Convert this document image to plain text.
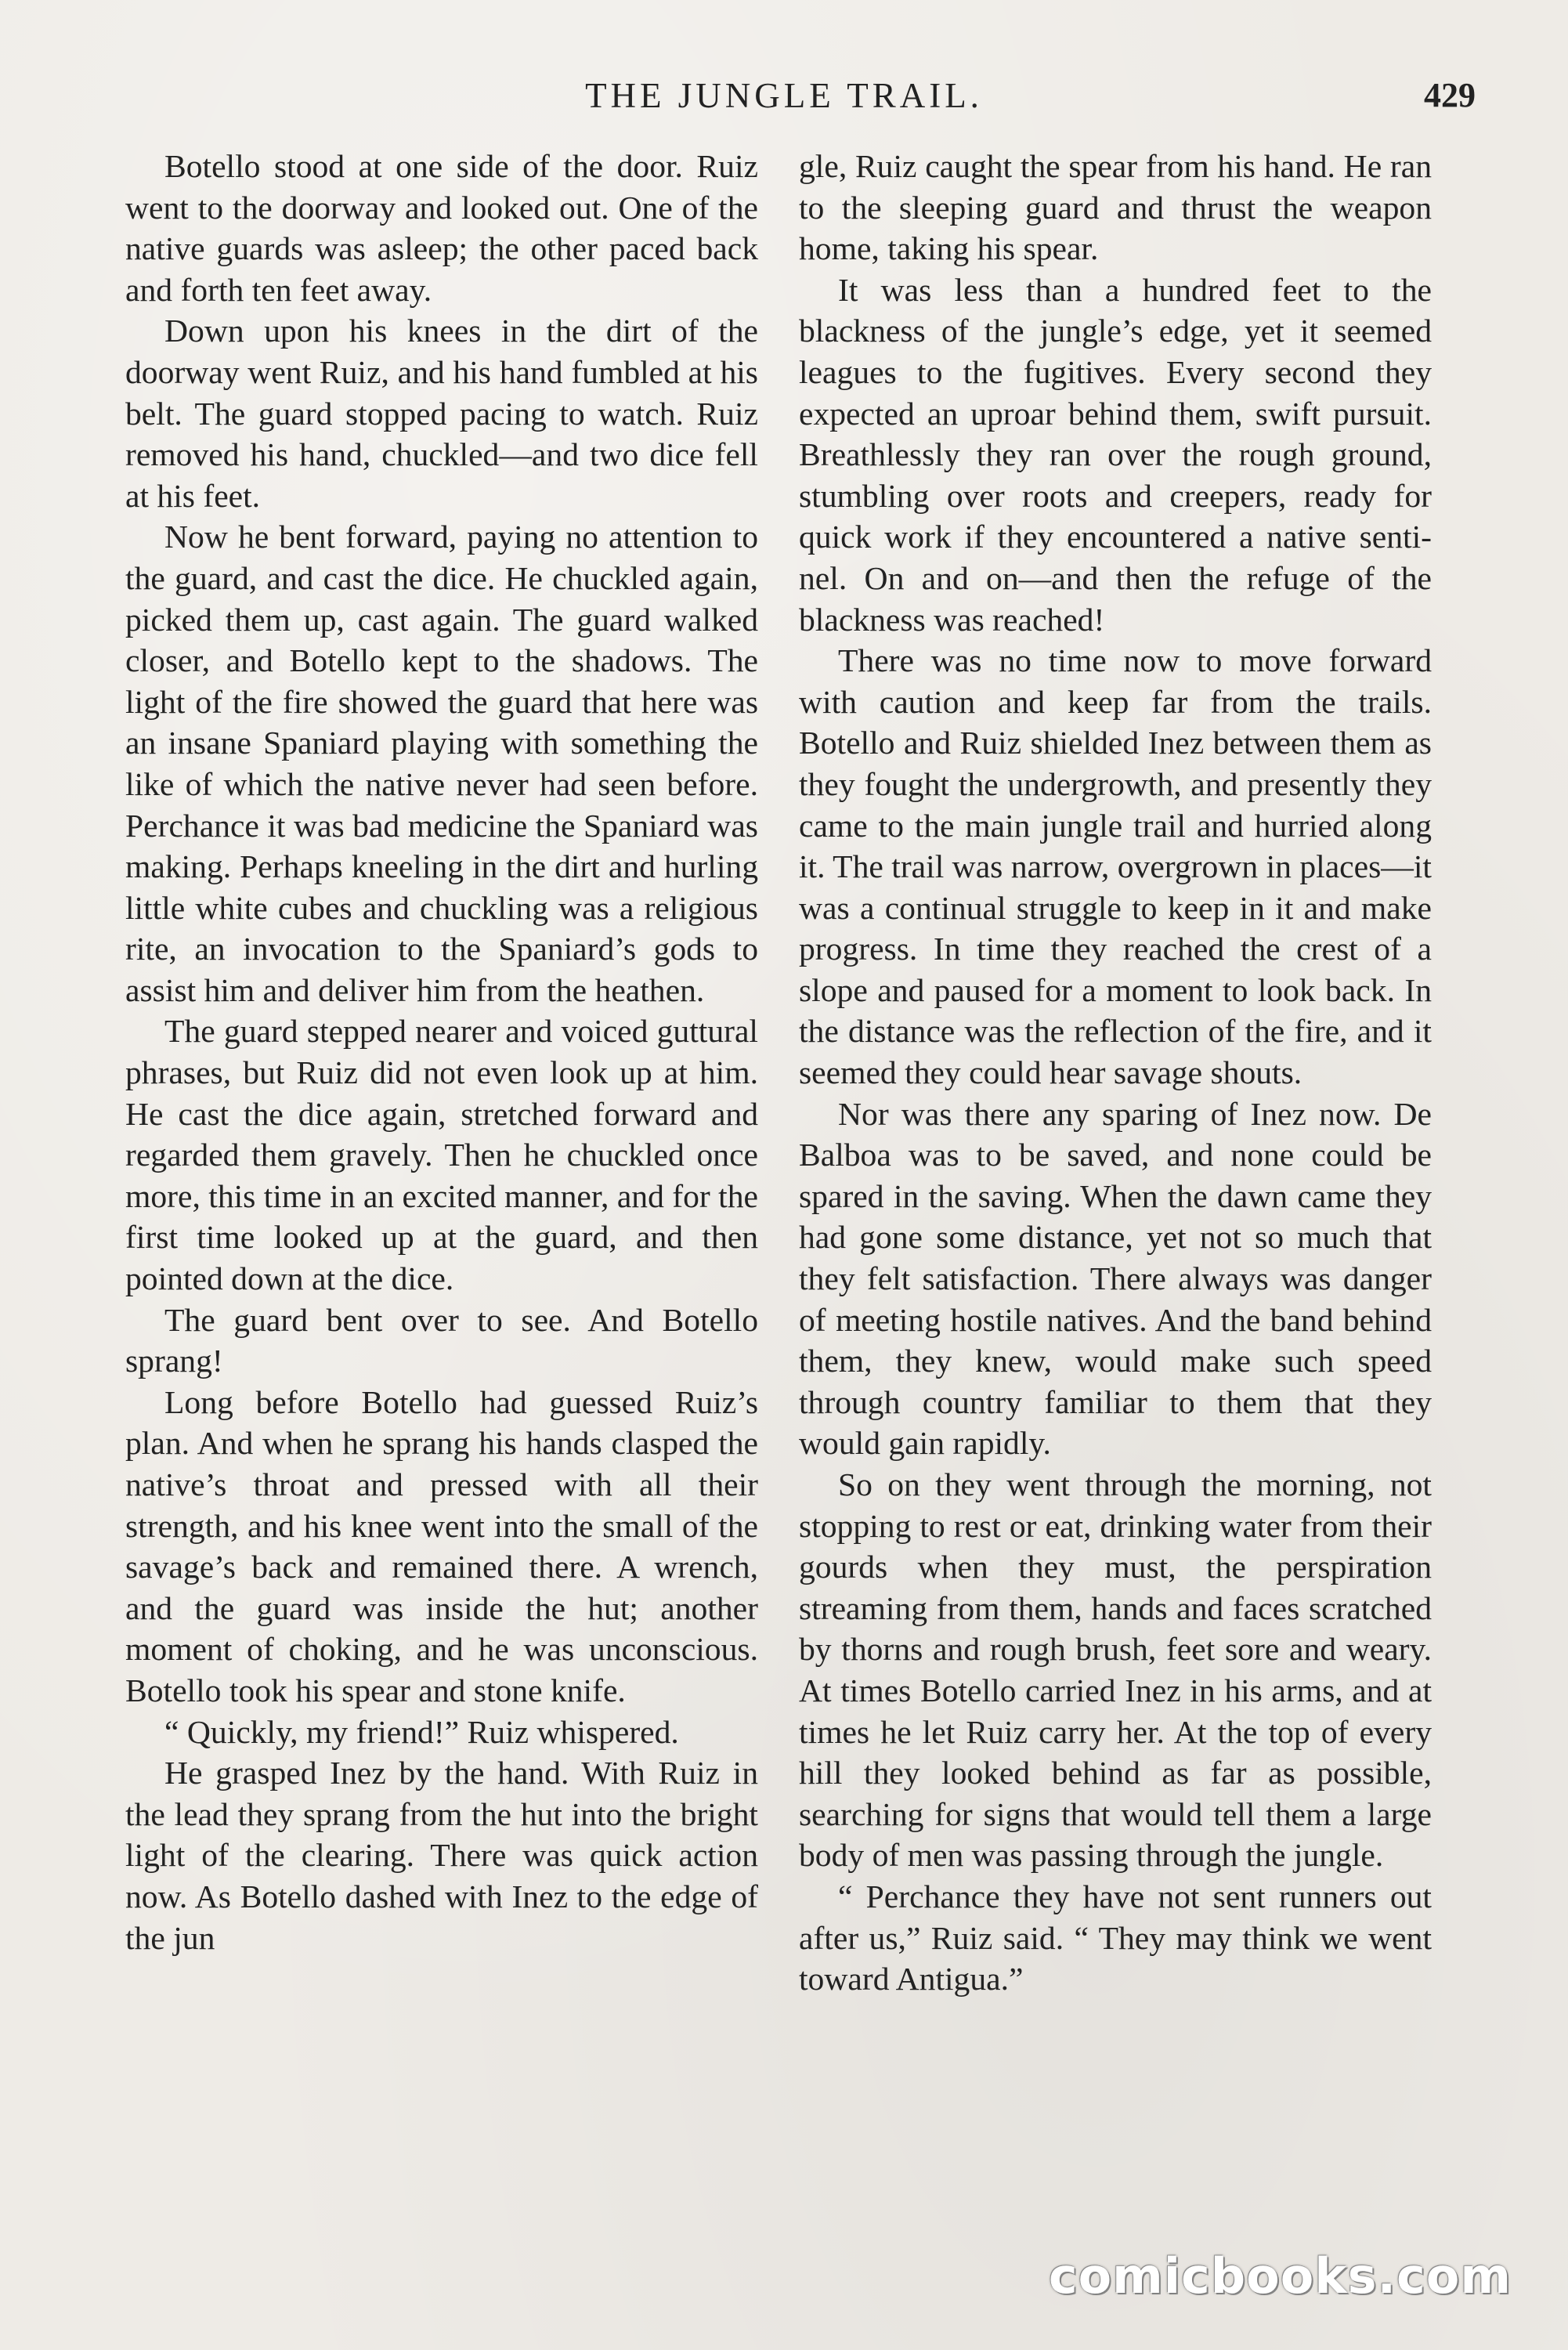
THE JUNGLE TRAIL.	429

Botello stood at one side of the door. Ruiz went to the doorway and looked out. One of the native guards was asleep; the other paced back and forth ten feet away.

Down upon his knees in the dirt of the doorway went Ruiz, and his hand fumbled at his belt. The guard stopped pacing to watch. Ruiz removed his hand, chuckled—and two dice fell at his feet.

Now he bent forward, paying no attention to the guard, and cast the dice. He chuckled again, picked them up, cast again. The guard walked closer, and Botello kept to the shadows. The light of the fire showed the guard that here was an insane Spaniard playing with something the like of which the native never had seen before. Perchance it was bad medicine the Spaniard was making. Perhaps kneeling in the dirt and hurling little white cubes and chuckling was a religious rite, an invocation to the Spaniard’s gods to assist him and deliver him from the heathen.

The guard stepped nearer and voiced guttural phrases, but Ruiz did not even look up at him. He cast the dice again, stretched forward and regarded them gravely. Then he chuckled once more, this time in an excited manner, and for the first time looked up at the guard, and then pointed down at the dice.

The guard bent over to see. And Botello sprang!

Long before Botello had guessed Ruiz’s plan. And when he sprang his hands clasped the native’s throat and pressed with all their strength, and his knee went into the small of the savage’s back and remained there. A wrench, and the guard was inside the hut; another moment of choking, and he was unconscious. Botello took his spear and stone knife.

“ Quickly, my friend!” Ruiz whispered.

He grasped Inez by the hand. With Ruiz in the lead they sprang from the hut into the bright light of the clearing. There was quick action now. As Botello dashed with Inez to the edge of the jun

gle, Ruiz caught the spear from his hand. He ran to the sleeping guard and thrust the weapon home, taking his spear.

It was less than a hundred feet to the blackness of the jungle’s edge, yet it seemed leagues to the fugitives. Every second they expected an uproar behind them, swift pursuit. Breathlessly they ran over the rough ground, stumbling over roots and creepers, ready for quick work if they encountered a native sentinel. On and on—and then the refuge of the blackness was reached!

There was no time now to move forward with caution and keep far from the trails. Botello and Ruiz shielded Inez between them as they fought the undergrowth, and presently they came to the main jungle trail and hurried along it. The trail was narrow, overgrown in places—it was a continual struggle to keep in it and make progress. In time they reached the crest of a slope and paused for a moment to look back. In the distance was the reflection of the fire, and it seemed they could hear savage shouts.

Nor was there any sparing of Inez now. De Balboa was to be saved, and none could be spared in the saving. When the dawn came they had gone some distance, yet not so much that they felt satisfaction. There always was danger of meeting hostile natives. And the band behind them, they knew, would make such speed through country familiar to them that they would gain rapidly.

So on they went through the morning, not stopping to rest or eat, drinking water from their gourds when they must, the perspiration streaming from them, hands and faces scratched by thorns and rough brush, feet sore and weary. At times Botello carried Inez in his arms, and at times he let Ruiz carry her. At the top of every hill they looked behind as far as possible, searching for signs that would tell them a large body of men was passing through the jungle.

“ Perchance they have not sent runners out after us,” Ruiz said. “ They may think we went toward Antigua.”

comicbooks.com
